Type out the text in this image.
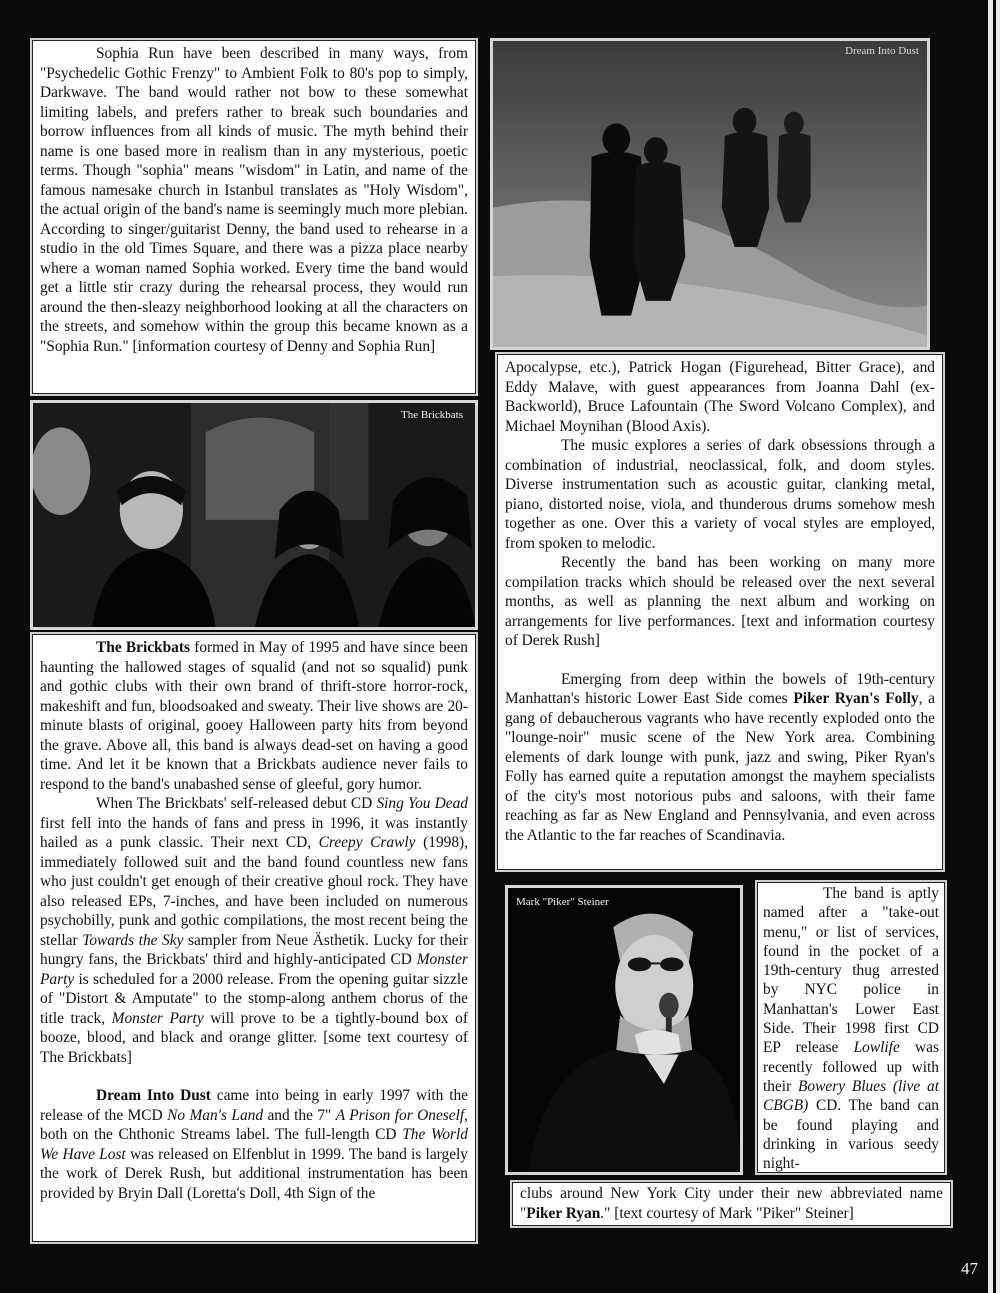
Sophia Run have been described in many ways, from "Psychedelic Gothic Frenzy" to Ambient Folk to 80's pop to simply, Darkwave. The band would rather not bow to these somewhat limiting labels, and prefers rather to break such boundaries and borrow influences from all kinds of music. The myth behind their name is one based more in realism than in any mysterious, poetic terms. Though "sophia" means "wisdom" in Latin, and name of the famous namesake church in Istanbul translates as "Holy Wisdom", the actual origin of the band's name is seemingly much more plebian. According to singer/guitarist Denny, the band used to rehearse in a studio in the old Times Square, and there was a pizza place nearby where a woman named Sophia worked. Every time the band would get a little stir crazy during the rehearsal process, they would run around the then-sleazy neighborhood looking at all the characters on the streets, and somehow within the group this became known as a "Sophia Run." [information courtesy of Denny and Sophia Run]

The Brickbats

The Brickbats formed in May of 1995 and have since been haunting the hallowed stages of squalid (and not so squalid) punk and gothic clubs with their own brand of thrift-store horror-rock, makeshift and fun, bloodsoaked and sweaty. Their live shows are 20-minute blasts of original, gooey Halloween party hits from beyond the grave. Above all, this band is always dead-set on having a good time. And let it be known that a Brickbats audience never fails to respond to the band's unabashed sense of gleeful, gory humor.

When The Brickbats' self-released debut CD Sing You Dead first fell into the hands of fans and press in 1996, it was instantly hailed as a punk classic. Their next CD, Creepy Crawly (1998), immediately followed suit and the band found countless new fans who just couldn't get enough of their creative ghoul rock. They have also released EPs, 7-inches, and have been included on numerous psychobilly, punk and gothic compilations, the most recent being the stellar Towards the Sky sampler from Neue Ästhetik. Lucky for their hungry fans, the Brickbats' third and highly-anticipated CD Monster Party is scheduled for a 2000 release. From the opening guitar sizzle of "Distort & Amputate" to the stomp-along anthem chorus of the title track, Monster Party will prove to be a tightly-bound box of booze, blood, and black and orange glitter. [some text courtesy of The Brickbats]

Dream Into Dust came into being in early 1997 with the release of the MCD No Man's Land and the 7" A Prison for Oneself, both on the Chthonic Streams label. The full-length CD The World We Have Lost was released on Elfenblut in 1999. The band is largely the work of Derek Rush, but additional instrumentation has been provided by Bryin Dall (Loretta's Doll, 4th Sign of the

Dream Into Dust

Apocalypse, etc.), Patrick Hogan (Figurehead, Bitter Grace), and Eddy Malave, with guest appearances from Joanna Dahl (ex-Backworld), Bruce Lafountain (The Sword Volcano Complex), and Michael Moynihan (Blood Axis).

The music explores a series of dark obsessions through a combination of industrial, neoclassical, folk, and doom styles. Diverse instrumentation such as acoustic guitar, clanking metal, piano, distorted noise, viola, and thunderous drums somehow mesh together as one. Over this a variety of vocal styles are employed, from spoken to melodic.

Recently the band has been working on many more compilation tracks which should be released over the next several months, as well as planning the next album and working on arrangements for live performances. [text and information courtesy of Derek Rush]

Emerging from deep within the bowels of 19th-century Manhattan's historic Lower East Side comes Piker Ryan's Folly, a gang of debaucherous vagrants who have recently exploded onto the "lounge-noir" music scene of the New York area. Combining elements of dark lounge with punk, jazz and swing, Piker Ryan's Folly has earned quite a reputation amongst the mayhem specialists of the city's most notorious pubs and saloons, with their fame reaching as far as New England and Pennsylvania, and even across the Atlantic to the far reaches of Scandinavia.

Mark "Piker" Steiner	The band is aptly named after a "take-out menu," or list of services, found in the pocket of a 19th-century thug arrested by NYC police in Manhattan's Lower East Side. Their 1998 first CD EP release Lowlife was recently followed up with their Bowery Blues (live at CBGB) CD. The band can be found playing and drinking in various seedy night-

clubs around New York City under their new abbreviated name "Piker Ryan." [text courtesy of Mark "Piker" Steiner]

47
